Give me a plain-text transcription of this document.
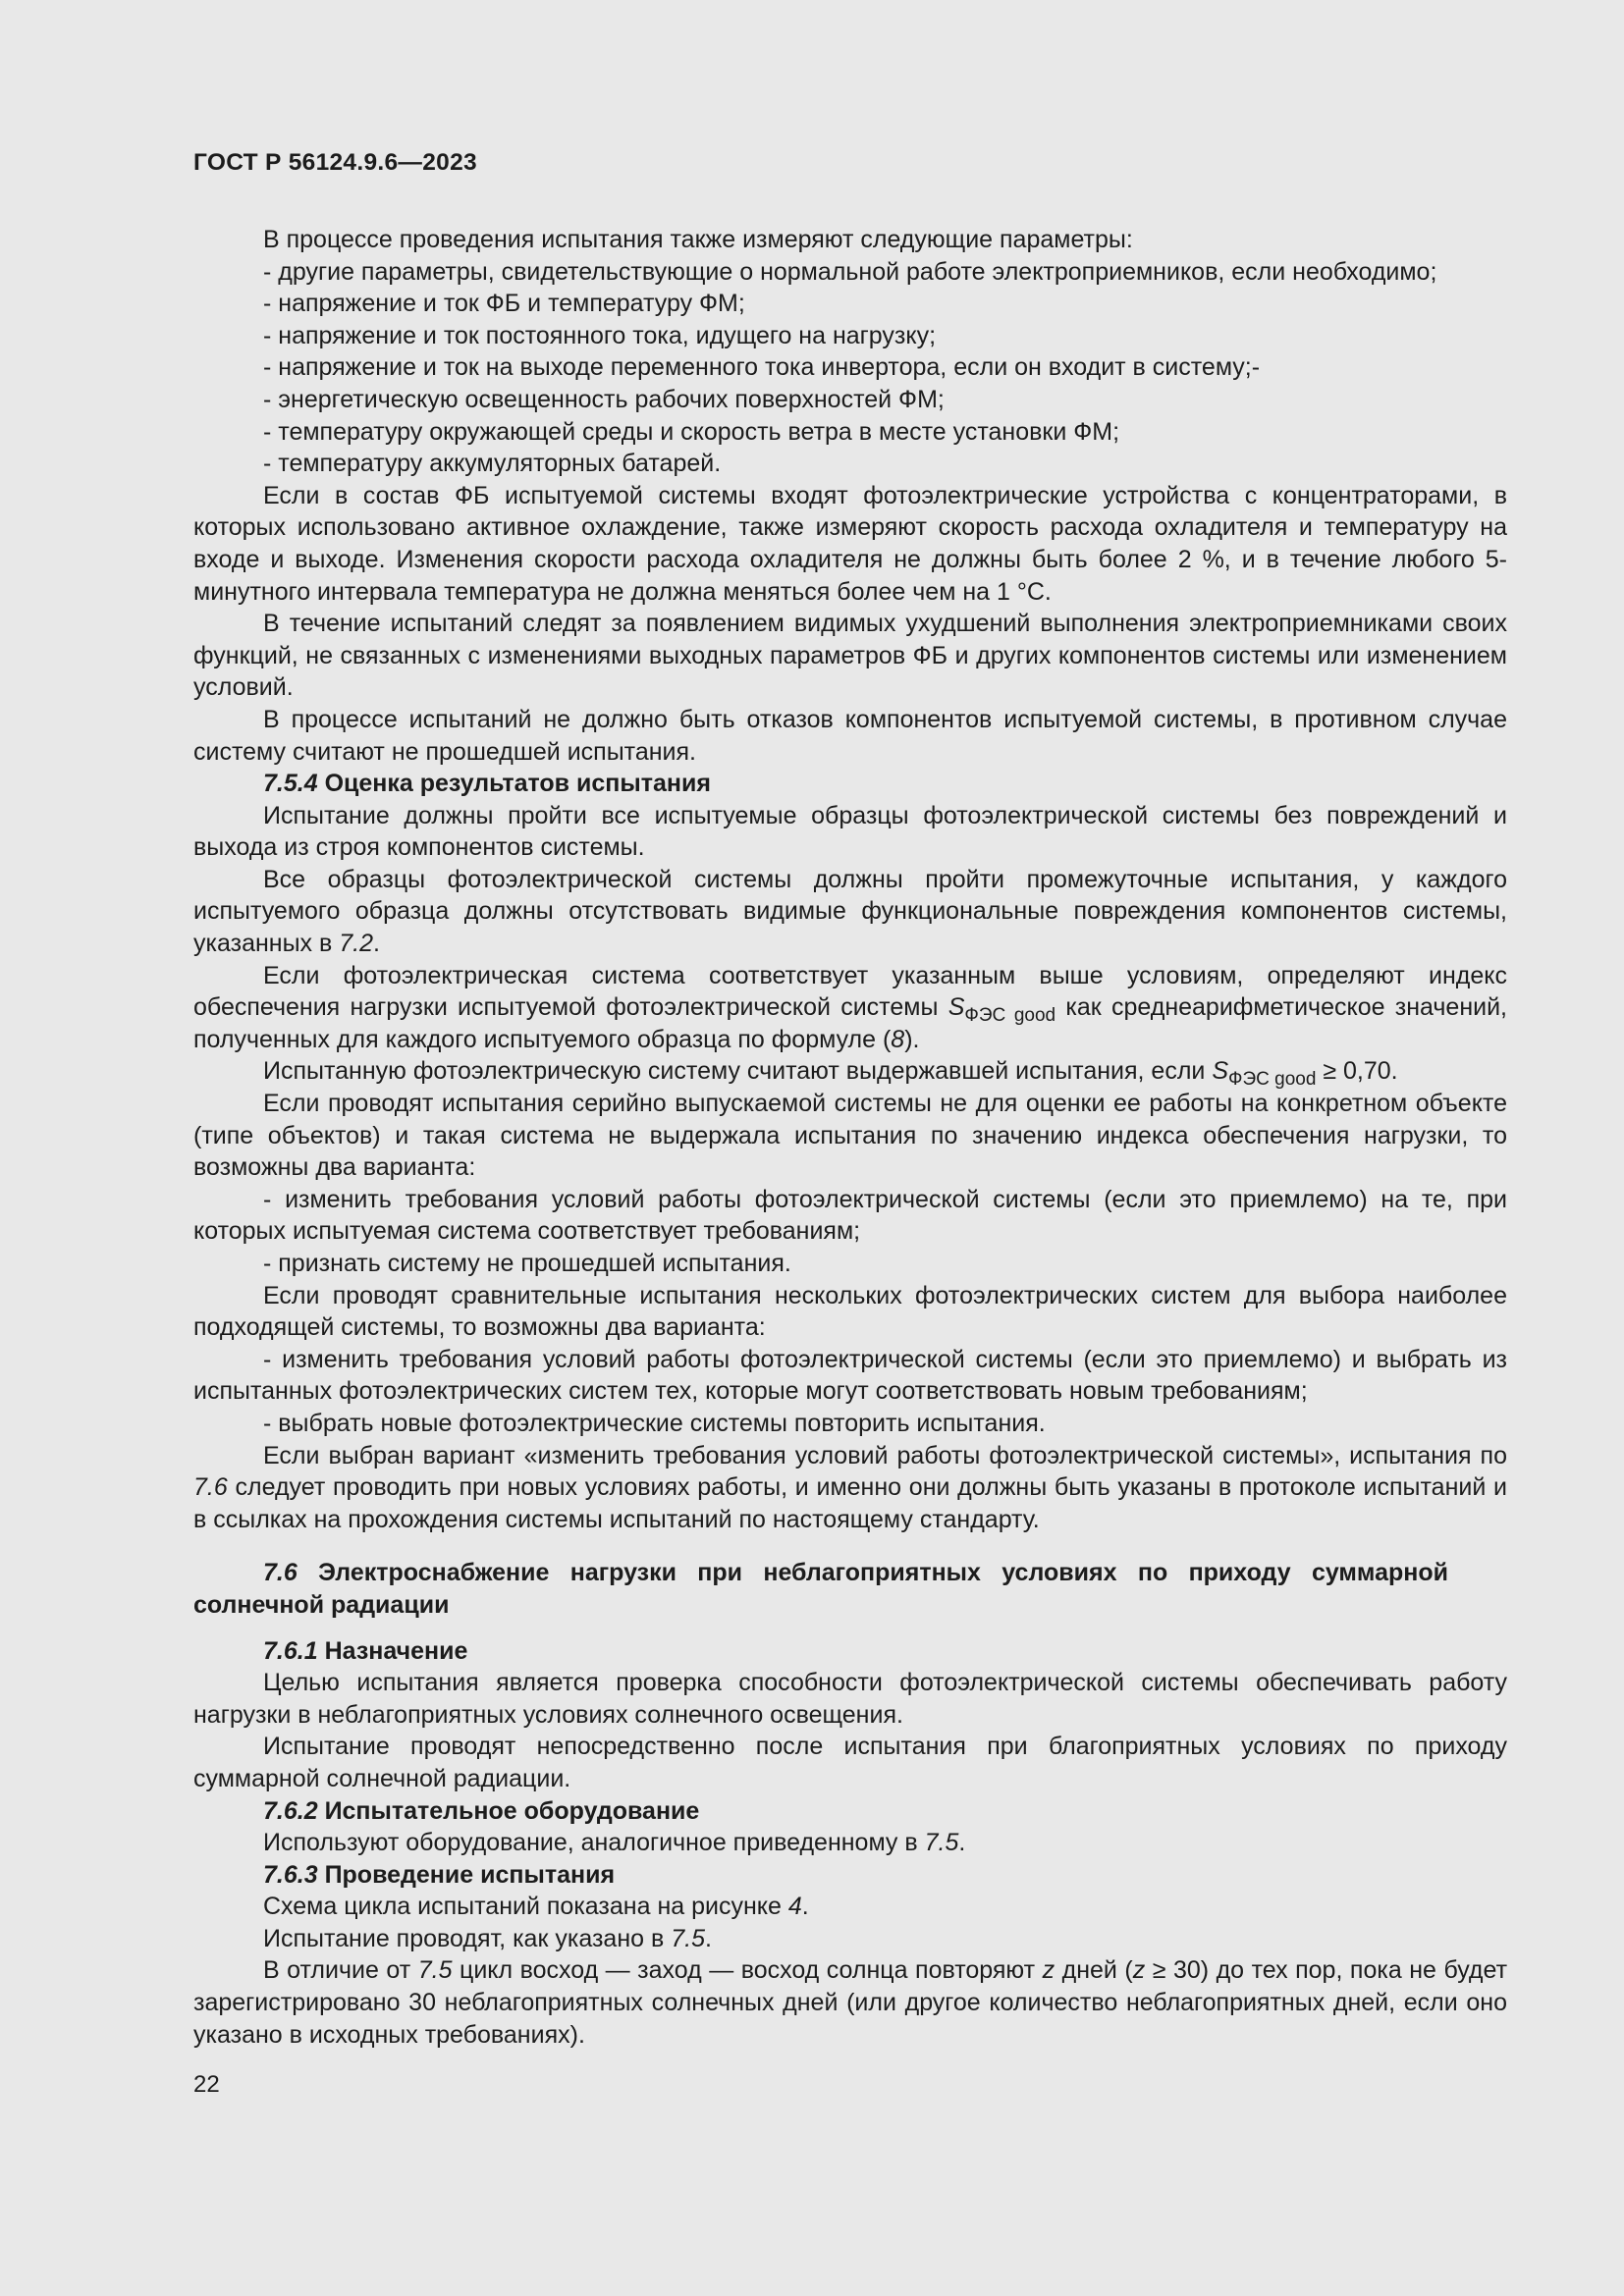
ГОСТ Р 56124.9.6—2023

В процессе проведения испытания также измеряют следующие параметры:

- другие параметры, свидетельствующие о нормальной работе электроприемников, если необходимо;

- напряжение и ток ФБ и температуру ФМ;

- напряжение и ток постоянного тока, идущего на нагрузку;

- напряжение и ток на выходе переменного тока инвертора, если он входит в систему;-

- энергетическую освещенность рабочих поверхностей ФМ;

- температуру окружающей среды и скорость ветра в месте установки ФМ;

- температуру аккумуляторных батарей.

Если в состав ФБ испытуемой системы входят фотоэлектрические устройства с концентраторами, в которых использовано активное охлаждение, также измеряют скорость расхода охладителя и температуру на входе и выходе. Изменения скорости расхода охладителя не должны быть более 2 %, и в течение любого 5-минутного интервала температура не должна меняться более чем на 1 °С.

В течение испытаний следят за появлением видимых ухудшений выполнения электроприемниками своих функций, не связанных с изменениями выходных параметров ФБ и других компонентов системы или изменением условий.

В процессе испытаний не должно быть отказов компонентов испытуемой системы, в противном случае систему считают не прошедшей испытания.

7.5.4 Оценка результатов испытания

Испытание должны пройти все испытуемые образцы фотоэлектрической системы без повреждений и выхода из строя компонентов системы.

Все образцы фотоэлектрической системы должны пройти промежуточные испытания, у каждого испытуемого образца должны отсутствовать видимые функциональные повреждения компонентов системы, указанных в 7.2.

Если фотоэлектрическая система соответствует указанным выше условиям, определяют индекс обеспечения нагрузки испытуемой фотоэлектрической системы $S_{ФЭС good}$ как среднеарифметическое значений, полученных для каждого испытуемого образца по формуле (8).

Испытанную фотоэлектрическую систему считают выдержавшей испытания, если $S_{ФЭС good} \ge 0,70$.

Если проводят испытания серийно выпускаемой системы не для оценки ее работы на конкретном объекте (типе объектов) и такая система не выдержала испытания по значению индекса обеспечения нагрузки, то возможны два варианта:

- изменить требования условий работы фотоэлектрической системы (если это приемлемо) на те, при которых испытуемая система соответствует требованиям;

- признать систему не прошедшей испытания.

Если проводят сравнительные испытания нескольких фотоэлектрических систем для выбора наиболее подходящей системы, то возможны два варианта:

- изменить требования условий работы фотоэлектрической системы (если это приемлемо) и выбрать из испытанных фотоэлектрических систем тех, которые могут соответствовать новым требованиям;

- выбрать новые фотоэлектрические системы повторить испытания.

Если выбран вариант «изменить требования условий работы фотоэлектрической системы», испытания по 7.6 следует проводить при новых условиях работы, и именно они должны быть указаны в протоколе испытаний и в ссылках на прохождения системы испытаний по настоящему стандарту.

7.6 Электроснабжение нагрузки при неблагоприятных условиях по приходу суммарной солнечной радиации

7.6.1 Назначение

Целью испытания является проверка способности фотоэлектрической системы обеспечивать работу нагрузки в неблагоприятных условиях солнечного освещения.

Испытание проводят непосредственно после испытания при благоприятных условиях по приходу суммарной солнечной радиации.

7.6.2 Испытательное оборудование

Используют оборудование, аналогичное приведенному в 7.5.

7.6.3 Проведение испытания

Схема цикла испытаний показана на рисунке 4.

Испытание проводят, как указано в 7.5.

В отличие от 7.5 цикл восход — заход — восход солнца повторяют z дней (z ≥ 30) до тех пор, пока не будет зарегистрировано 30 неблагоприятных солнечных дней (или другое количество неблагоприятных дней, если оно указано в исходных требованиях).

22
